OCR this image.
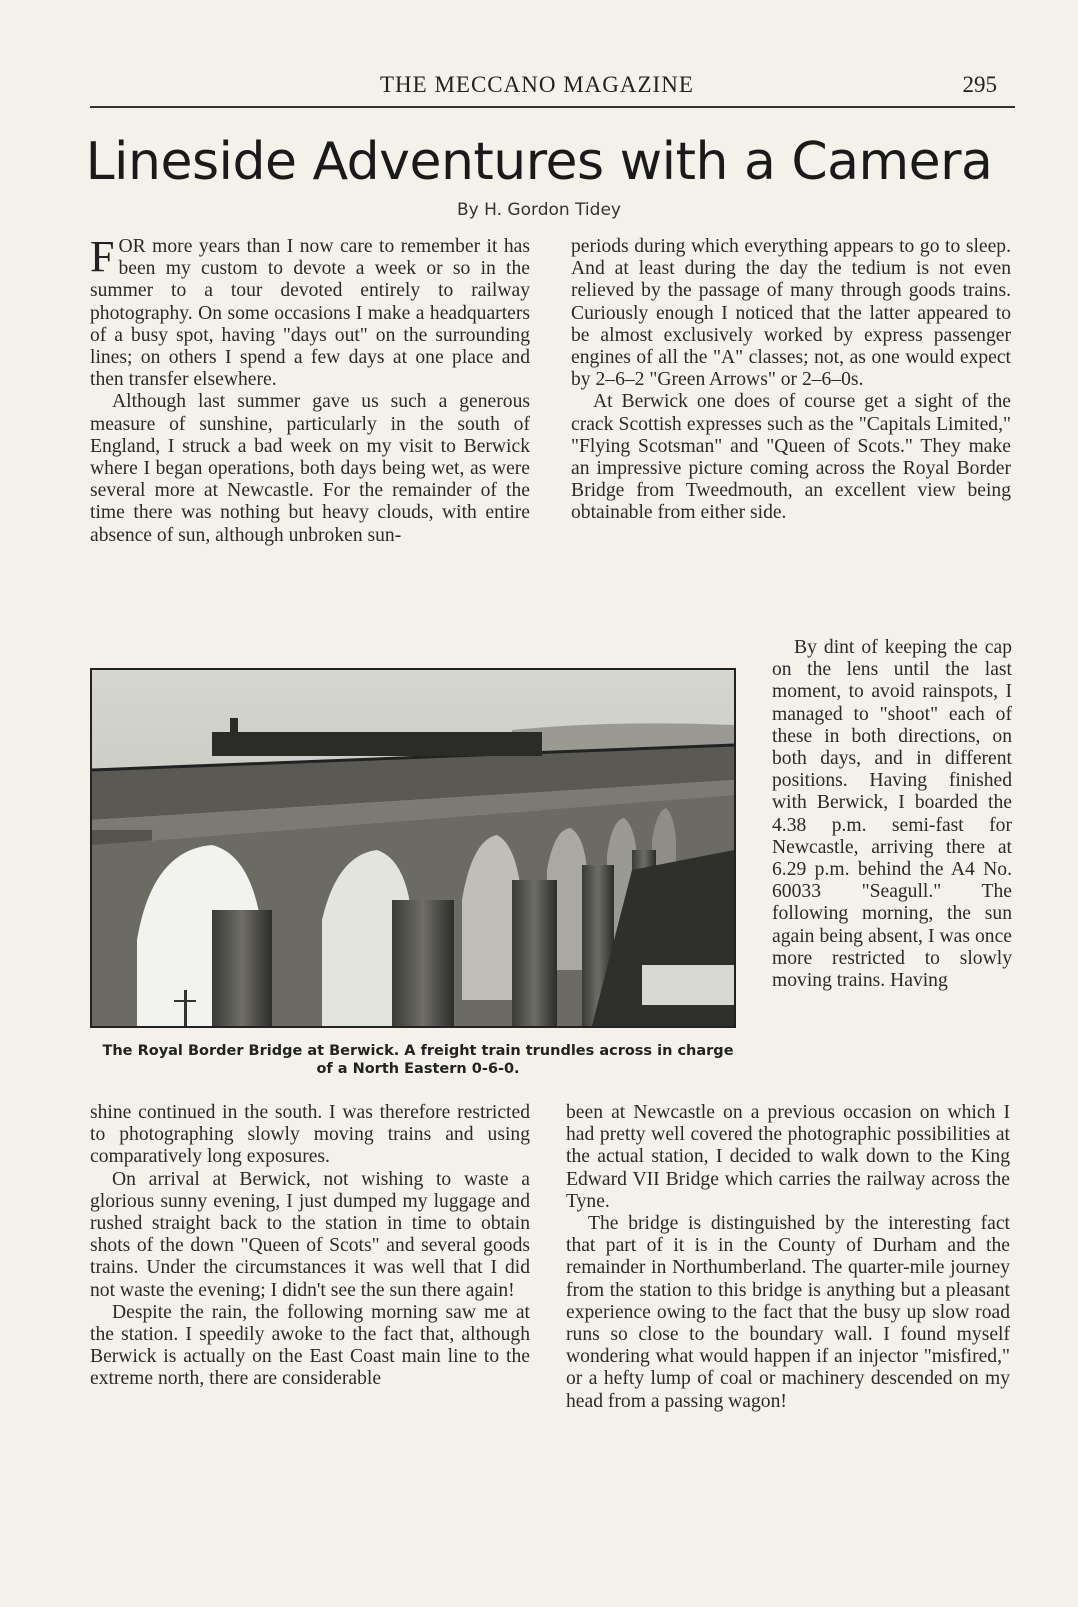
THE MECCANO MAGAZINE	295
Lineside Adventures with a Camera
By H. Gordon Tidey

FOR more years than I now care to remember it has been my custom to devote a week or so in the summer to a tour devoted entirely to railway photography. On some occasions I make a headquarters of a busy spot, having "days out" on the surrounding lines; on others I spend a few days at one place and then transfer elsewhere.

Although last summer gave us such a generous measure of sunshine, particularly in the south of England, I struck a bad week on my visit to Berwick where I began operations, both days being wet, as were several more at Newcastle. For the remainder of the time there was nothing but heavy clouds, with entire absence of sun, although unbroken sun-

periods during which everything appears to go to sleep. And at least during the day the tedium is not even relieved by the passage of many through goods trains. Curiously enough I noticed that the latter appeared to be almost exclusively worked by express passenger engines of all the "A" classes; not, as one would expect by 2–6–2 "Green Arrows" or 2–6–0s.

At Berwick one does of course get a sight of the crack Scottish expresses such as the "Capitals Limited," "Flying Scotsman" and "Queen of Scots." They make an impressive picture coming across the Royal Border Bridge from Tweedmouth, an excellent view being obtainable from either side.

By dint of keeping the cap on the lens until the last moment, to avoid rainspots, I managed to "shoot" each of these in both directions, on both days, and in different positions. Having finished with Berwick, I boarded the 4.38 p.m. semi-fast for Newcastle, arriving there at 6.29 p.m. behind the A4 No. 60033 "Seagull." The following morning, the sun again being absent, I was once more restricted to slowly moving trains. Having

The Royal Border Bridge at Berwick. A freight train trundles across in charge
of a North Eastern 0-6-0.

shine continued in the south. I was therefore restricted to photographing slowly moving trains and using comparatively long exposures.

On arrival at Berwick, not wishing to waste a glorious sunny evening, I just dumped my luggage and rushed straight back to the station in time to obtain shots of the down "Queen of Scots" and several goods trains. Under the circumstances it was well that I did not waste the evening; I didn't see the sun there again!

Despite the rain, the following morning saw me at the station. I speedily awoke to the fact that, although Berwick is actually on the East Coast main line to the extreme north, there are considerable

been at Newcastle on a previous occasion on which I had pretty well covered the photographic possibilities at the actual station, I decided to walk down to the King Edward VII Bridge which carries the railway across the Tyne.

The bridge is distinguished by the interesting fact that part of it is in the County of Durham and the remainder in Northumberland. The quarter-mile journey from the station to this bridge is anything but a pleasant experience owing to the fact that the busy up slow road runs so close to the boundary wall. I found myself wondering what would happen if an injector "misfired," or a hefty lump of coal or machinery descended on my head from a passing wagon!
